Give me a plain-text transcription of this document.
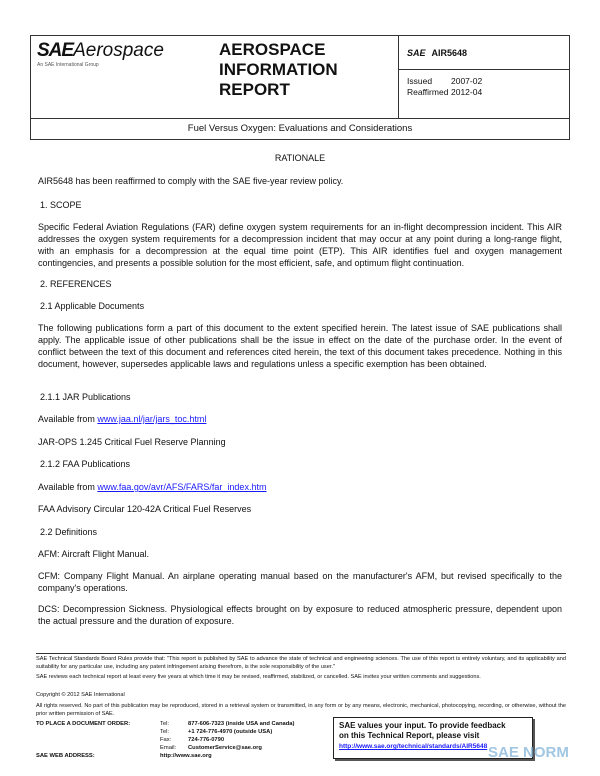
SAEAerospace
An SAE International Group
AEROSPACE
INFORMATION
REPORT
SAE AIR5648
Issued 2007-02
Reaffirmed 2012-04
Fuel Versus Oxygen: Evaluations and Considerations
RATIONALE
AIR5648 has been reaffirmed to comply with the SAE five-year review policy.
1. SCOPE
Specific Federal Aviation Regulations (FAR) define oxygen system requirements for an in-flight decompression incident. This AIR addresses the oxygen system requirements for a decompression incident that may occur at any point during a long-range flight, with an emphasis for a decompression at the equal time point (ETP). This AIR identifies fuel and oxygen management contingencies, and presents a possible solution for the most efficient, safe, and optimum flight continuation.
2. REFERENCES
2.1 Applicable Documents
The following publications form a part of this document to the extent specified herein. The latest issue of SAE publications shall apply. The applicable issue of other publications shall be the issue in effect on the date of the purchase order. In the event of conflict between the text of this document and references cited herein, the text of this document takes precedence. Nothing in this document, however, supersedes applicable laws and regulations unless a specific exemption has been obtained.
2.1.1 JAR Publications
Available from www.jaa.nl/jar/jars_toc.html
JAR-OPS 1.245 Critical Fuel Reserve Planning
2.1.2 FAA Publications
Available from www.faa.gov/avr/AFS/FARS/far_index.htm
FAA Advisory Circular 120-42A Critical Fuel Reserves
2.2 Definitions
AFM: Aircraft Flight Manual.
CFM: Company Flight Manual. An airplane operating manual based on the manufacturer's AFM, but revised specifically to the company's operations.
DCS: Decompression Sickness. Physiological effects brought on by exposure to reduced atmospheric pressure, dependent upon the actual pressure and the duration of exposure.
SAE Technical Standards Board Rules provide that: "This report is published by SAE to advance the state of technical and engineering sciences. The use of this report is entirely voluntary, and its applicability and suitability for any particular use, including any patent infringement arising therefrom, is the sole responsibility of the user."
SAE reviews each technical report at least every five years at which time it may be revised, reaffirmed, stabilized, or cancelled. SAE invites your written comments and suggestions.
Copyright © 2012 SAE International
All rights reserved. No part of this publication may be reproduced, stored in a retrieval system or transmitted, in any form or by any means, electronic, mechanical, photocopying, recording, or otherwise, without the prior written permission of SAE.
TO PLACE A DOCUMENT ORDER:	Tel:
Tel:
Fax:
Email:
877-606-7323 (inside USA and Canada)
+1 724-776-4970 (outside USA)
724-776-0790
CustomerService@sae.org
http://www.sae.org
SAE WEB ADDRESS:
SAE values your input. To provide feedback
on this Technical Report, please visit
http://www.sae.org/technical/standards/AIR5648 SAE NORM
